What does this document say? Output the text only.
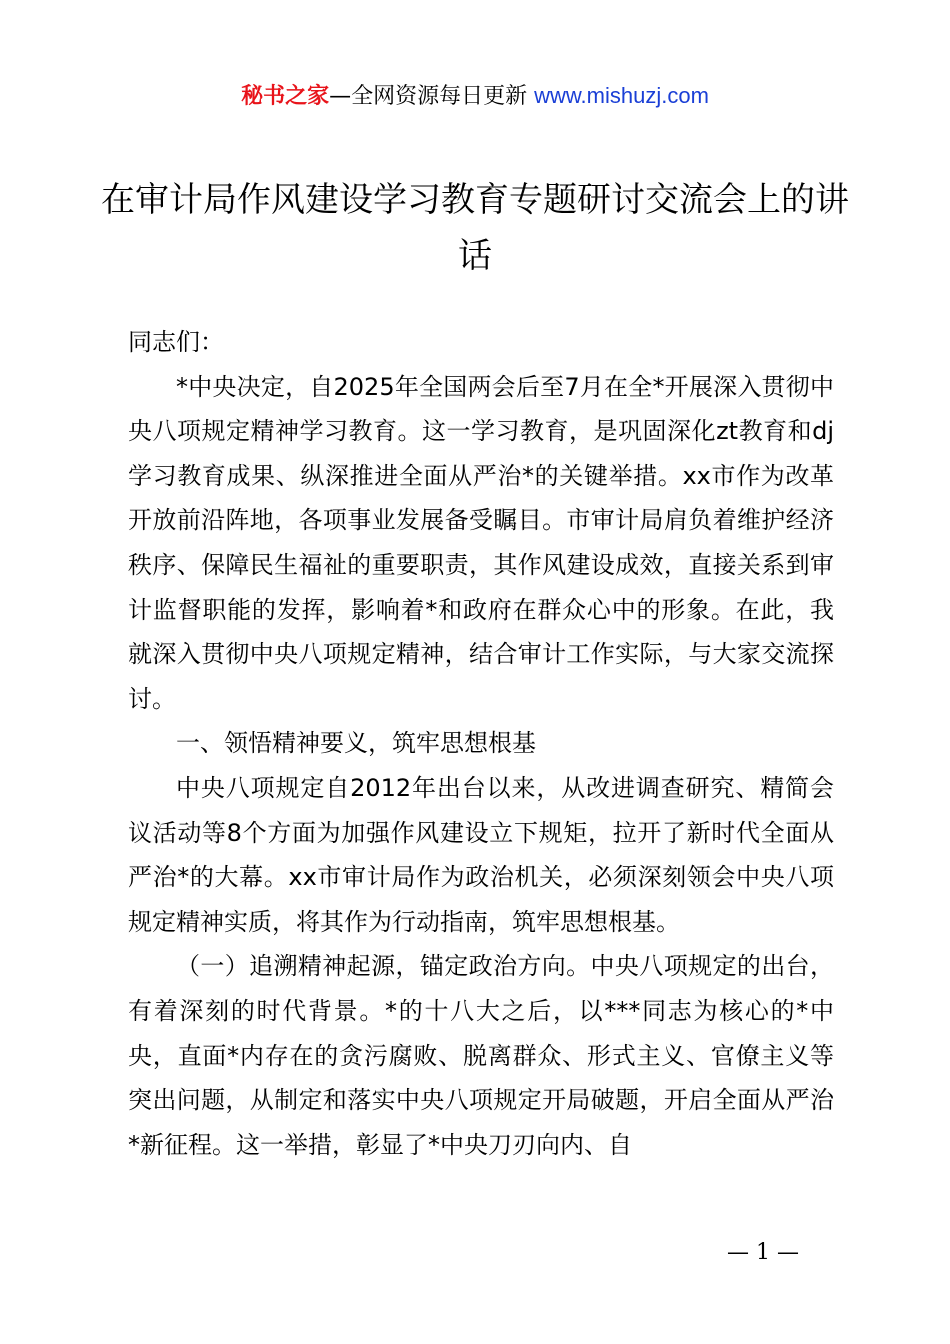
秘书之家—全网资源每日更新 www.mishuzj.com
在审计局作风建设学习教育专题研讨交流会上的讲话

同志们：

*中央决定，自2025年全国两会后至7月在全*开展深入贯彻中央八项规定精神学习教育。这一学习教育，是巩固深化zt教育和dj学习教育成果、纵深推进全面从严治*的关键举措。xx市作为改革开放前沿阵地，各项事业发展备受瞩目。市审计局肩负着维护经济秩序、保障民生福祉的重要职责，其作风建设成效，直接关系到审计监督职能的发挥，影响着*和政府在群众心中的形象。在此，我就深入贯彻中央八项规定精神，结合审计工作实际，与大家交流探讨。

一、领悟精神要义，筑牢思想根基

中央八项规定自2012年出台以来，从改进调查研究、精简会议活动等8个方面为加强作风建设立下规矩，拉开了新时代全面从严治*的大幕。xx市审计局作为政治机关，必须深刻领会中央八项规定精神实质，将其作为行动指南，筑牢思想根基。

（一）追溯精神起源，锚定政治方向。中央八项规定的出台，有着深刻的时代背景。*的十八大之后，以***同志为核心的*中央，直面*内存在的贪污腐败、脱离群众、形式主义、官僚主义等突出问题，从制定和落实中央八项规定开局破题，开启全面从严治*新征程。这一举措，彰显了*中央刀刃向内、自

— 1 —
